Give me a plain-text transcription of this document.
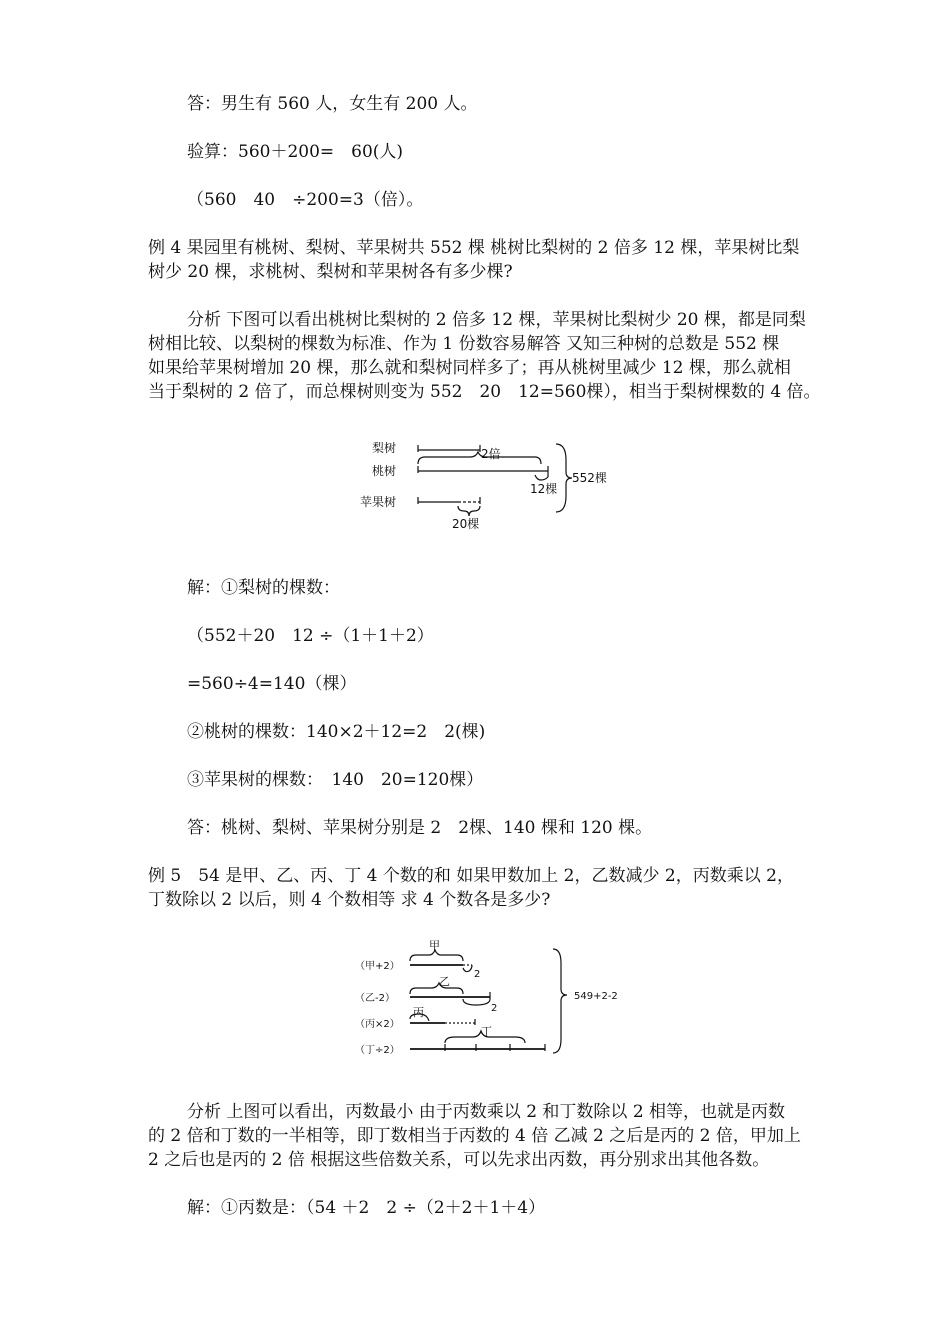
答：男生有 560 人，女生有 200 人。
验算：560＋200=　60(人)
（560　40　÷200=3（倍）。
例 4 果园里有桃树、梨树、苹果树共 552 棵 桃树比梨树的 2 倍多 12 棵，苹果树比梨
树少 20 棵，求桃树、梨树和苹果树各有多少棵?
分析 下图可以看出桃树比梨树的 2 倍多 12 棵，苹果树比梨树少 20 棵，都是同梨
树相比较、以梨树的棵数为标准、作为 1 份数容易解答 又知三种树的总数是 552 棵
如果给苹果树增加 20 棵，那么就和梨树同样多了；再从桃树里减少 12 棵，那么就相
当于梨树的 2 倍了，而总棵树则变为 552　20　12=560棵），相当于梨树棵数的 4 倍。
梨树
桃树
苹果树
2倍
12棵
20棵
552棵
解：①梨树的棵数：
（552＋20　12 ÷（1＋1＋2）
=560÷4=140（棵）
②桃树的棵数：140×2＋12=2　2(棵)
③苹果树的棵数：　140　20=120棵）
答：桃树、梨树、苹果树分别是 2　2棵、140 棵和 120 棵。
例 5　54 是甲、乙、丙、丁 4 个数的和 如果甲数加上 2，乙数减少 2，丙数乘以 2，
丁数除以 2 以后，则 4 个数相等 求 4 个数各是多少?
甲
（甲+2）
2
乙
（乙-2）
2
丙
（丙×2）
丁
（丁÷2）
549+2-2
分析 上图可以看出，丙数最小 由于丙数乘以 2 和丁数除以 2 相等，也就是丙数
的 2 倍和丁数的一半相等，即丁数相当于丙数的 4 倍 乙减 2 之后是丙的 2 倍，甲加上
2 之后也是丙的 2 倍 根据这些倍数关系，可以先求出丙数，再分别求出其他各数。
解：①丙数是：（54 ＋2　2 ÷（2＋2＋1＋4）
